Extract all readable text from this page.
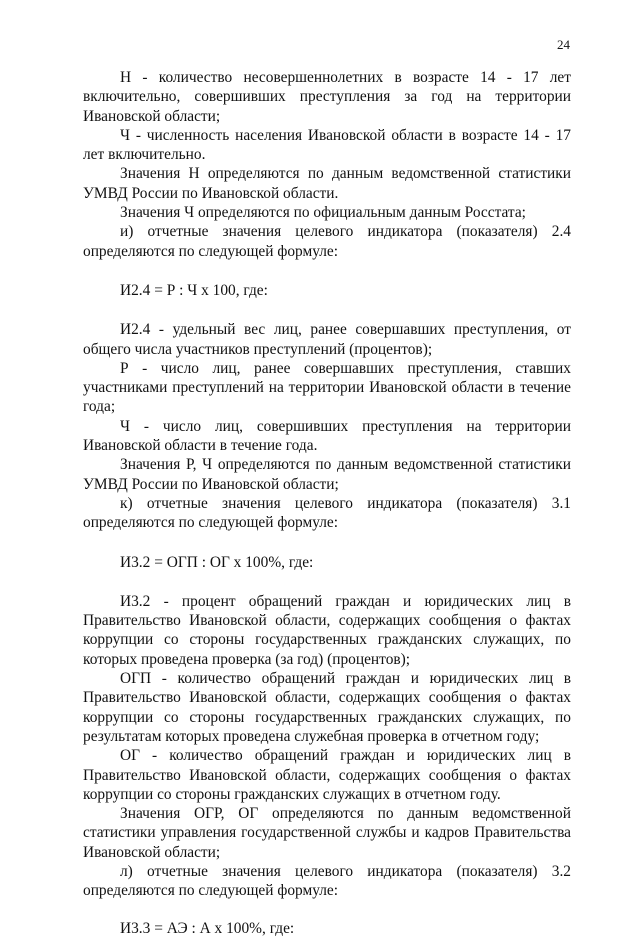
24

Н - количество несовершеннолетних в возрасте 14 - 17 лет включительно, совершивших преступления за год на территории Ивановской области;

Ч - численность населения Ивановской области в возрасте 14 - 17 лет включительно.

Значения Н определяются по данным ведомственной статистики УМВД России по Ивановской области.

Значения Ч определяются по официальным данным Росстата;

и) отчетные значения целевого индикатора (показателя) 2.4 определяются по следующей формуле:

И2.4 = Р : Ч х 100, где:

И2.4 - удельный вес лиц, ранее совершавших преступления, от общего числа участников преступлений (процентов);

Р - число лиц, ранее совершавших преступления, ставших участниками преступлений на территории Ивановской области в течение года;

Ч - число лиц, совершивших преступления на территории Ивановской области в течение года.

Значения Р, Ч определяются по данным ведомственной статистики УМВД России по Ивановской области;

к) отчетные значения целевого индикатора (показателя) 3.1 определяются по следующей формуле:

И3.2 = ОГП : ОГ х 100%, где:

И3.2 - процент обращений граждан и юридических лиц в Правительство Ивановской области, содержащих сообщения о фактах коррупции со стороны государственных гражданских служащих, по которых проведена проверка (за год) (процентов);

ОГП - количество обращений граждан и юридических лиц в Правительство Ивановской области, содержащих сообщения о фактах коррупции со стороны государственных гражданских служащих, по результатам которых проведена служебная проверка в отчетном году;

ОГ - количество обращений граждан и юридических лиц в Правительство Ивановской области, содержащих сообщения о фактах коррупции со стороны гражданских служащих в отчетном году.

Значения ОГР, ОГ определяются по данным ведомственной статистики управления государственной службы и кадров Правительства Ивановской области;

л) отчетные значения целевого индикатора (показателя) 3.2 определяются по следующей формуле:

И3.3 = АЭ : А х 100%, где:
